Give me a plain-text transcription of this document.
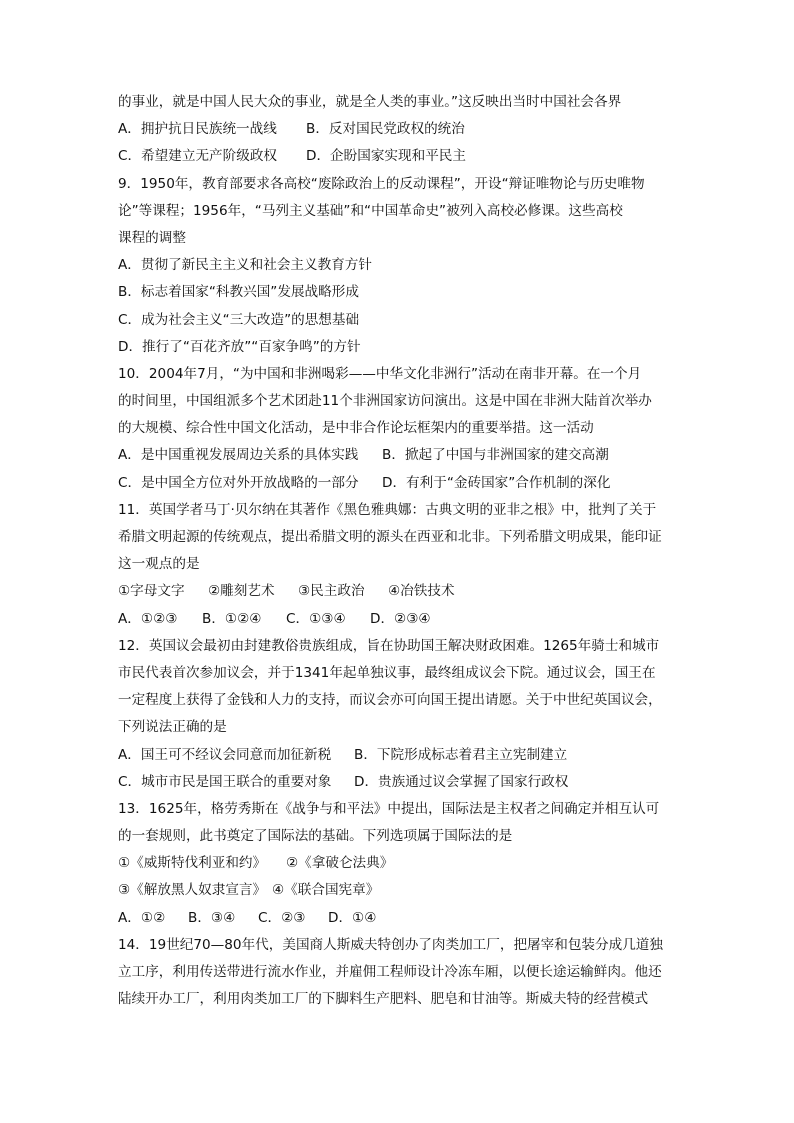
的事业，就是中国人民大众的事业，就是全人类的事业。”这反映出当时中国社会各界
A．拥护抗日民族统一战线	B．反对国民党政权的统治
C．希望建立无产阶级政权	D．企盼国家实现和平民主
9．1950年，教育部要求各高校“废除政治上的反动课程”，开设“辩证唯物论与历史唯物
论”等课程；1956年，“马列主义基础”和“中国革命史”被列入高校必修课。这些高校
课程的调整
A．贯彻了新民主主义和社会主义教育方针
B．标志着国家“科教兴国”发展战略形成
C．成为社会主义“三大改造”的思想基础
D．推行了“百花齐放”“百家争鸣”的方针
10．2004年7月，“为中国和非洲喝彩——中华文化非洲行”活动在南非开幕。在一个月
的时间里，中国组派多个艺术团赴11个非洲国家访问演出。这是中国在非洲大陆首次举办
的大规模、综合性中国文化活动，是中非合作论坛框架内的重要举措。这一活动
A．是中国重视发展周边关系的具体实践	B．掀起了中国与非洲国家的建交高潮
C．是中国全方位对外开放战略的一部分	D．有利于“金砖国家”合作机制的深化
11．英国学者马丁·贝尔纳在其著作《黑色雅典娜：古典文明的亚非之根》中，批判了关于
希腊文明起源的传统观点，提出希腊文明的源头在西亚和北非。下列希腊文明成果，能印证
这一观点的是
①字母文字	②雕刻艺术	③民主政治	④冶铁技术
A．①②③	B．①②④	C．①③④	D．②③④
12．英国议会最初由封建教俗贵族组成，旨在协助国王解决财政困难。1265年骑士和城市
市民代表首次参加议会，并于1341年起单独议事，最终组成议会下院。通过议会，国王在
一定程度上获得了金钱和人力的支持，而议会亦可向国王提出请愿。关于中世纪英国议会，
下列说法正确的是
A．国王可不经议会同意而加征新税	B．下院形成标志着君主立宪制建立
C．城市市民是国王联合的重要对象	D．贵族通过议会掌握了国家行政权
13．1625年，格劳秀斯在《战争与和平法》中提出，国际法是主权者之间确定并相互认可
的一套规则，此书奠定了国际法的基础。下列选项属于国际法的是
①《威斯特伐利亚和约》	②《拿破仑法典》
③《解放黑人奴隶宣言》 ④《联合国宪章》
A．①②	B．③④	C．②③	D．①④
14．19世纪70—80年代，美国商人斯威夫特创办了肉类加工厂，把屠宰和包装分成几道独
立工序，利用传送带进行流水作业，并雇佣工程师设计冷冻车厢，以便长途运输鲜肉。他还
陆续开办工厂，利用肉类加工厂的下脚料生产肥料、肥皂和甘油等。斯威夫特的经营模式
